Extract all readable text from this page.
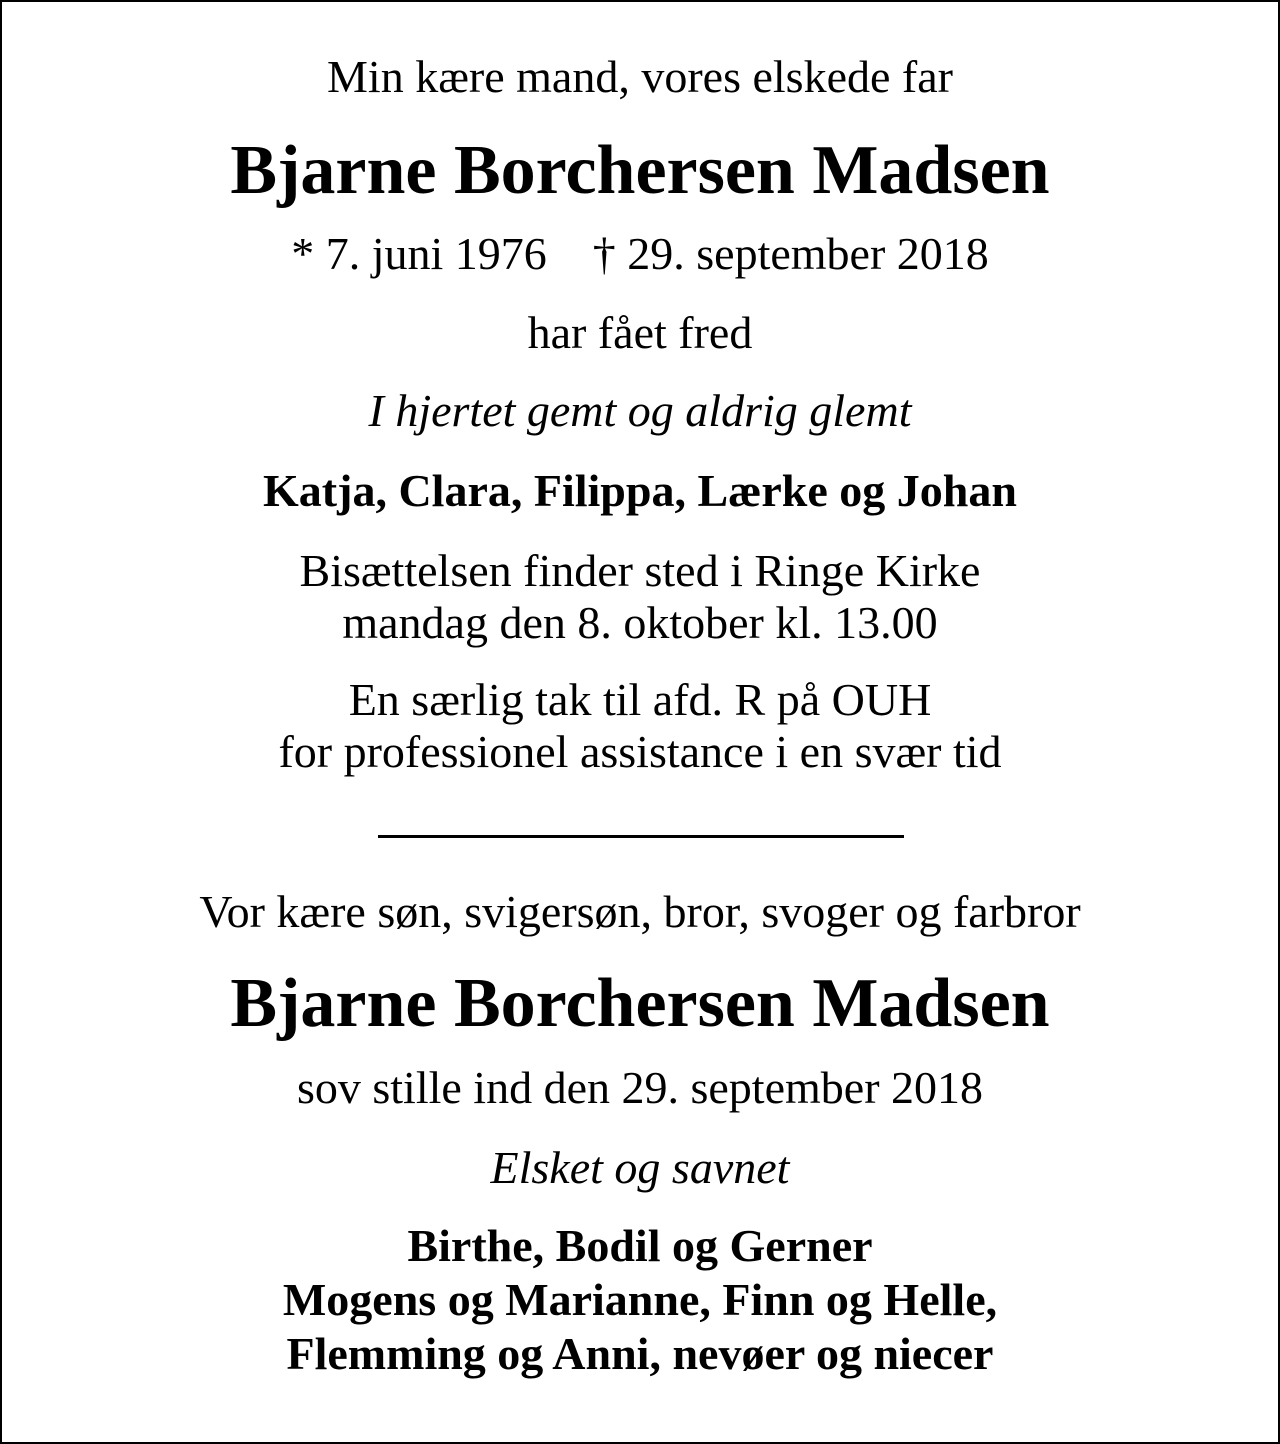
Min kære mand, vores elskede far
Bjarne Borchersen Madsen
* 7. juni 1976 † 29. september 2018
har fået fred
I hjertet gemt og aldrig glemt
Katja, Clara, Filippa, Lærke og Johan
Bisættelsen finder sted i Ringe Kirke
mandag den 8. oktober kl. 13.00
En særlig tak til afd. R på OUH
for professionel assistance i en svær tid
Vor kære søn, svigersøn, bror, svoger og farbror
Bjarne Borchersen Madsen
sov stille ind den 29. september 2018
Elsket og savnet
Birthe, Bodil og Gerner
Mogens og Marianne, Finn og Helle,
Flemming og Anni, nevøer og niecer
